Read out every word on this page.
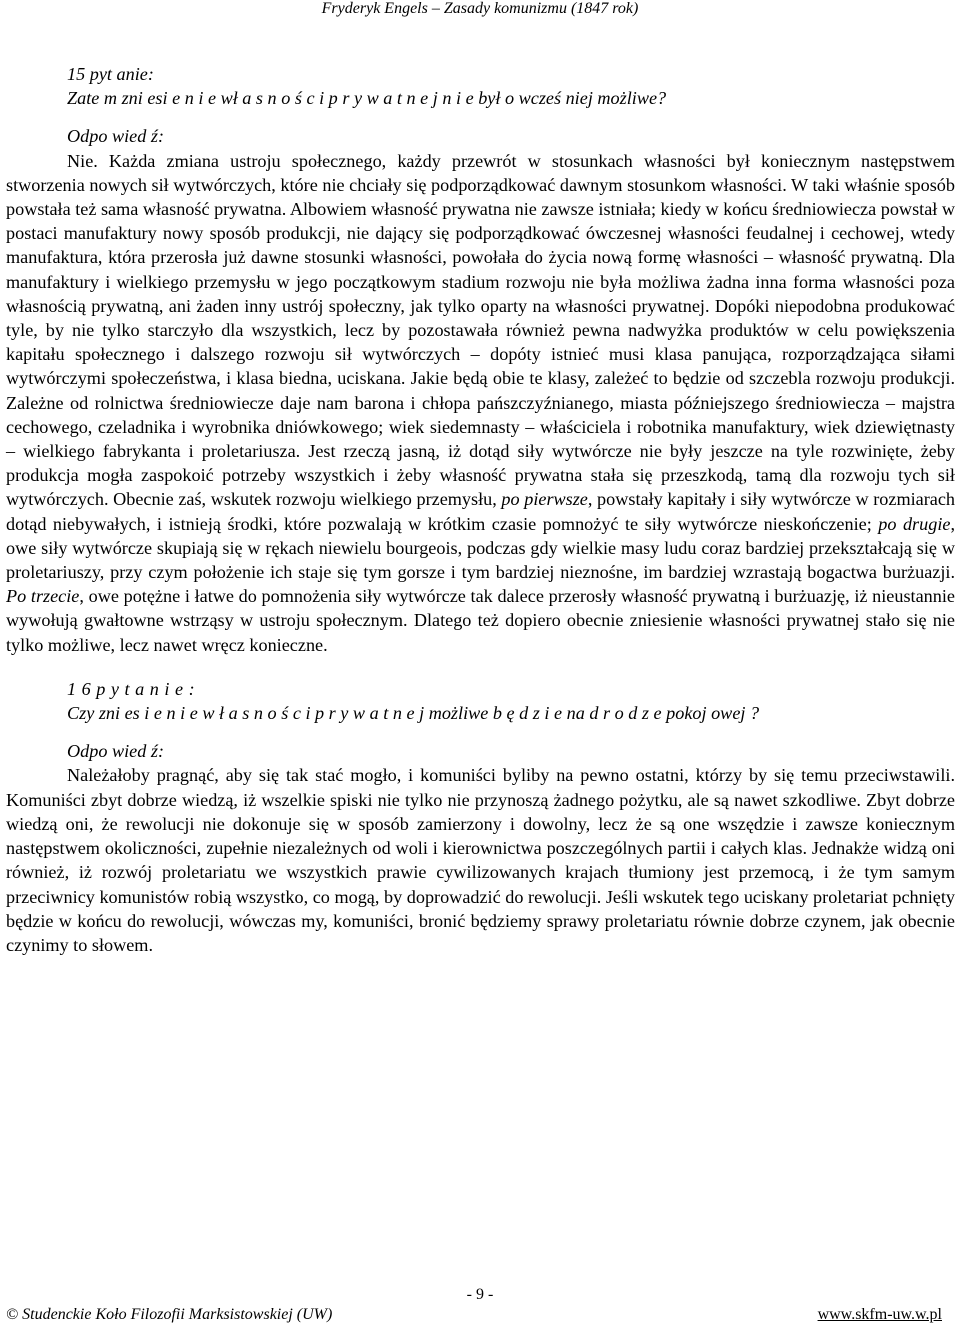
Fryderyk Engels – Zasady komunizmu (1847 rok)
15 pyt anie:
Zate m zni esi e n i e wł a s n o ś c i p r y w a t n e j n i e był o wcześ niej możliwe?
Odpo wied ź:

Nie. Każda zmiana ustroju społecznego, każdy przewrót w stosunkach własności był koniecznym następstwem stworzenia nowych sił wytwórczych, które nie chciały się podporządkować dawnym stosunkom własności. W taki właśnie sposób powstała też sama własność prywatna. Albowiem własność prywatna nie zawsze istniała; kiedy w końcu średniowiecza powstał w postaci manufaktury nowy sposób produkcji, nie dający się podporządkować ówczesnej własności feudalnej i cechowej, wtedy manufaktura, która przerosła już dawne stosunki własności, powołała do życia nową formę własności – własność prywatną. Dla manufaktury i wielkiego przemysłu w jego początkowym stadium rozwoju nie była możliwa żadna inna forma własności poza własnością prywatną, ani żaden inny ustrój społeczny, jak tylko oparty na własności prywatnej. Dopóki niepodobna produkować tyle, by nie tylko starczyło dla wszystkich, lecz by pozostawała również pewna nadwyżka produktów w celu powiększenia kapitału społecznego i dalszego rozwoju sił wytwórczych – dopóty istnieć musi klasa panująca, rozporządzająca siłami wytwórczymi społeczeństwa, i klasa biedna, uciskana. Jakie będą obie te klasy, zależeć to będzie od szczebla rozwoju produkcji. Zależne od rolnictwa średniowiecze daje nam barona i chłopa pańszczyźnianego, miasta późniejszego średniowiecza – majstra cechowego, czeladnika i wyrobnika dniówkowego; wiek siedemnasty – właściciela i robotnika manufaktury, wiek dziewiętnasty – wielkiego fabrykanta i proletariusza. Jest rzeczą jasną, iż dotąd siły wytwórcze nie były jeszcze na tyle rozwinięte, żeby produkcja mogła zaspokoić potrzeby wszystkich i żeby własność prywatna stała się przeszkodą, tamą dla rozwoju tych sił wytwórczych. Obecnie zaś, wskutek rozwoju wielkiego przemysłu, po pierwsze, powstały kapitały i siły wytwórcze w rozmiarach dotąd niebywałych, i istnieją środki, które pozwalają w krótkim czasie pomnożyć te siły wytwórcze nieskończenie; po drugie, owe siły wytwórcze skupiają się w rękach niewielu bourgeois, podczas gdy wielkie masy ludu coraz bardziej przekształcają się w proletariuszy, przy czym położenie ich staje się tym gorsze i tym bardziej nieznośne, im bardziej wzrastają bogactwa burżuazji. Po trzecie, owe potężne i łatwe do pomnożenia siły wytwórcze tak dalece przerosły własność prywatną i burżuazję, iż nieustannie wywołują gwałtowne wstrząsy w ustroju społecznym. Dlatego też dopiero obecnie zniesienie własności prywatnej stało się nie tylko możliwe, lecz nawet wręcz konieczne.

1 6 p y t a n i e :
Czy zni es i e n i e w ł a s n o ś c i p r y w a t n e j możliwe b ę d z i e na d r o d z e pokoj owej ?
Odpo wied ź:

Należałoby pragnąć, aby się tak stać mogło, i komuniści byliby na pewno ostatni, którzy by się temu przeciwstawili. Komuniści zbyt dobrze wiedzą, iż wszelkie spiski nie tylko nie przynoszą żadnego pożytku, ale są nawet szkodliwe. Zbyt dobrze wiedzą oni, że rewolucji nie dokonuje się w sposób zamierzony i dowolny, lecz że są one wszędzie i zawsze koniecznym następstwem okoliczności, zupełnie niezależnych od woli i kierownictwa poszczególnych partii i całych klas. Jednakże widzą oni również, iż rozwój proletariatu we wszystkich prawie cywilizowanych krajach tłumiony jest przemocą, i że tym samym przeciwnicy komunistów robią wszystko, co mogą, by doprowadzić do rewolucji. Jeśli wskutek tego uciskany proletariat pchnięty będzie w końcu do rewolucji, wówczas my, komuniści, bronić będziemy sprawy proletariatu równie dobrze czynem, jak obecnie czynimy to słowem.

- 9 -
© Studenckie Koło Filozofii Marksistowskiej (UW)	www.skfm-uw.w.pl
